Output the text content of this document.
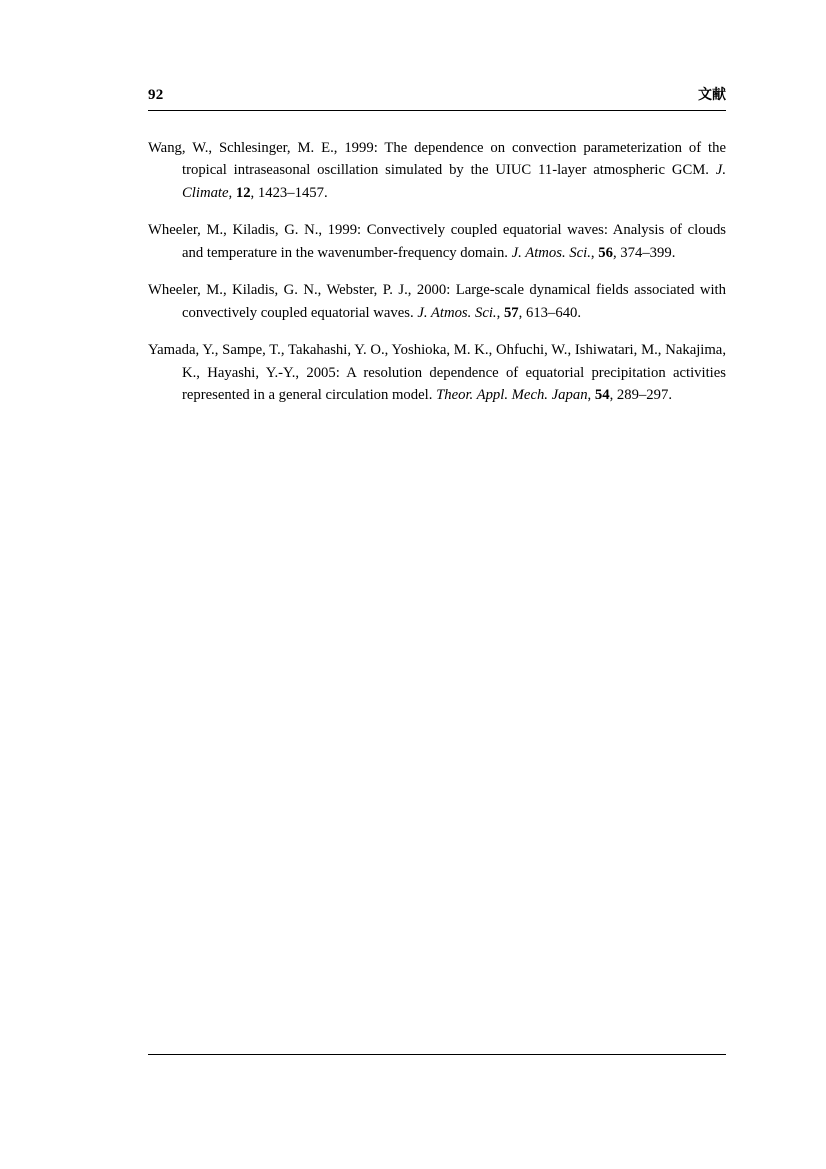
92	文献
Wang, W., Schlesinger, M. E., 1999: The dependence on convection parameterization of the tropical intraseasonal oscillation simulated by the UIUC 11-layer atmospheric GCM. J. Climate, 12, 1423–1457.
Wheeler, M., Kiladis, G. N., 1999: Convectively coupled equatorial waves: Analysis of clouds and temperature in the wavenumber-frequency domain. J. Atmos. Sci., 56, 374–399.
Wheeler, M., Kiladis, G. N., Webster, P. J., 2000: Large-scale dynamical fields associated with convectively coupled equatorial waves. J. Atmos. Sci., 57, 613–640.
Yamada, Y., Sampe, T., Takahashi, Y. O., Yoshioka, M. K., Ohfuchi, W., Ishiwatari, M., Nakajima, K., Hayashi, Y.-Y., 2005: A resolution dependence of equatorial precipitation activities represented in a general circulation model. Theor. Appl. Mech. Japan, 54, 289–297.
